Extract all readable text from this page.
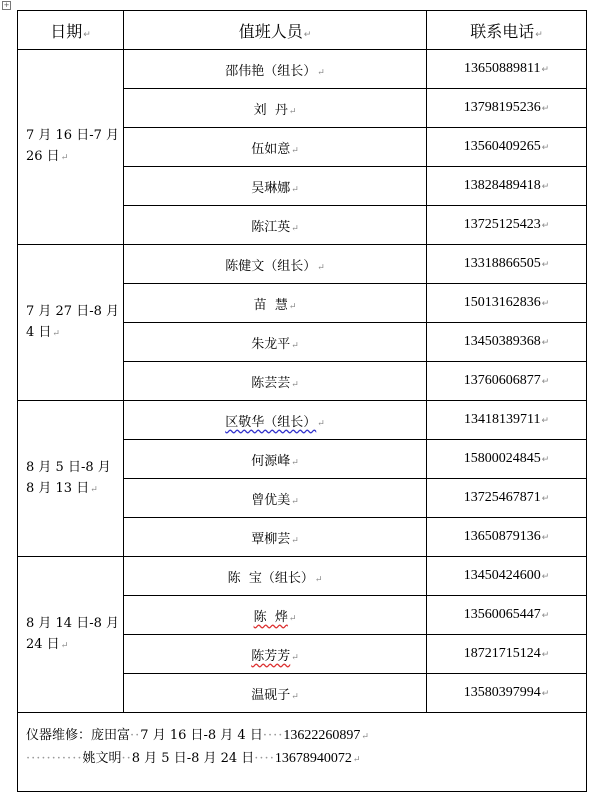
+
日期↵	值班人员↵	联系电话↵
7 月 16 日-7 月
26 日↵	邵伟艳（组长）↵	13650889811↵
	刘  丹↵	13798195236↵
	伍如意↵	13560409265↵
	吴琳娜↵	13828489418↵
	陈江英↵	13725125423↵
7 月 27 日-8 月
4 日↵	陈健文（组长）↵	13318866505↵
	苗  慧↵	15013162836↵
	朱龙平↵	13450389368↵
	陈芸芸↵	13760606877↵
8 月 5 日-8 月
8 月 13 日↵	区敬华（组长）↵	13418139711↵
	何源峰↵	15800024845↵
	曾优美↵	13725467871↵
	覃柳芸↵	13650879136↵
8 月 14 日-8 月
24 日↵	陈  宝（组长）↵	13450424600↵
	陈  烨↵	13560065447↵
	陈芳芳↵	18721715124↵
	温砚子↵	13580397994↵
仪器维修：庞田富··7 月 16 日-8 月 4 日····13622260897↵
···········姚文明··8 月 5 日-8 月 24 日····13678940072↵		
